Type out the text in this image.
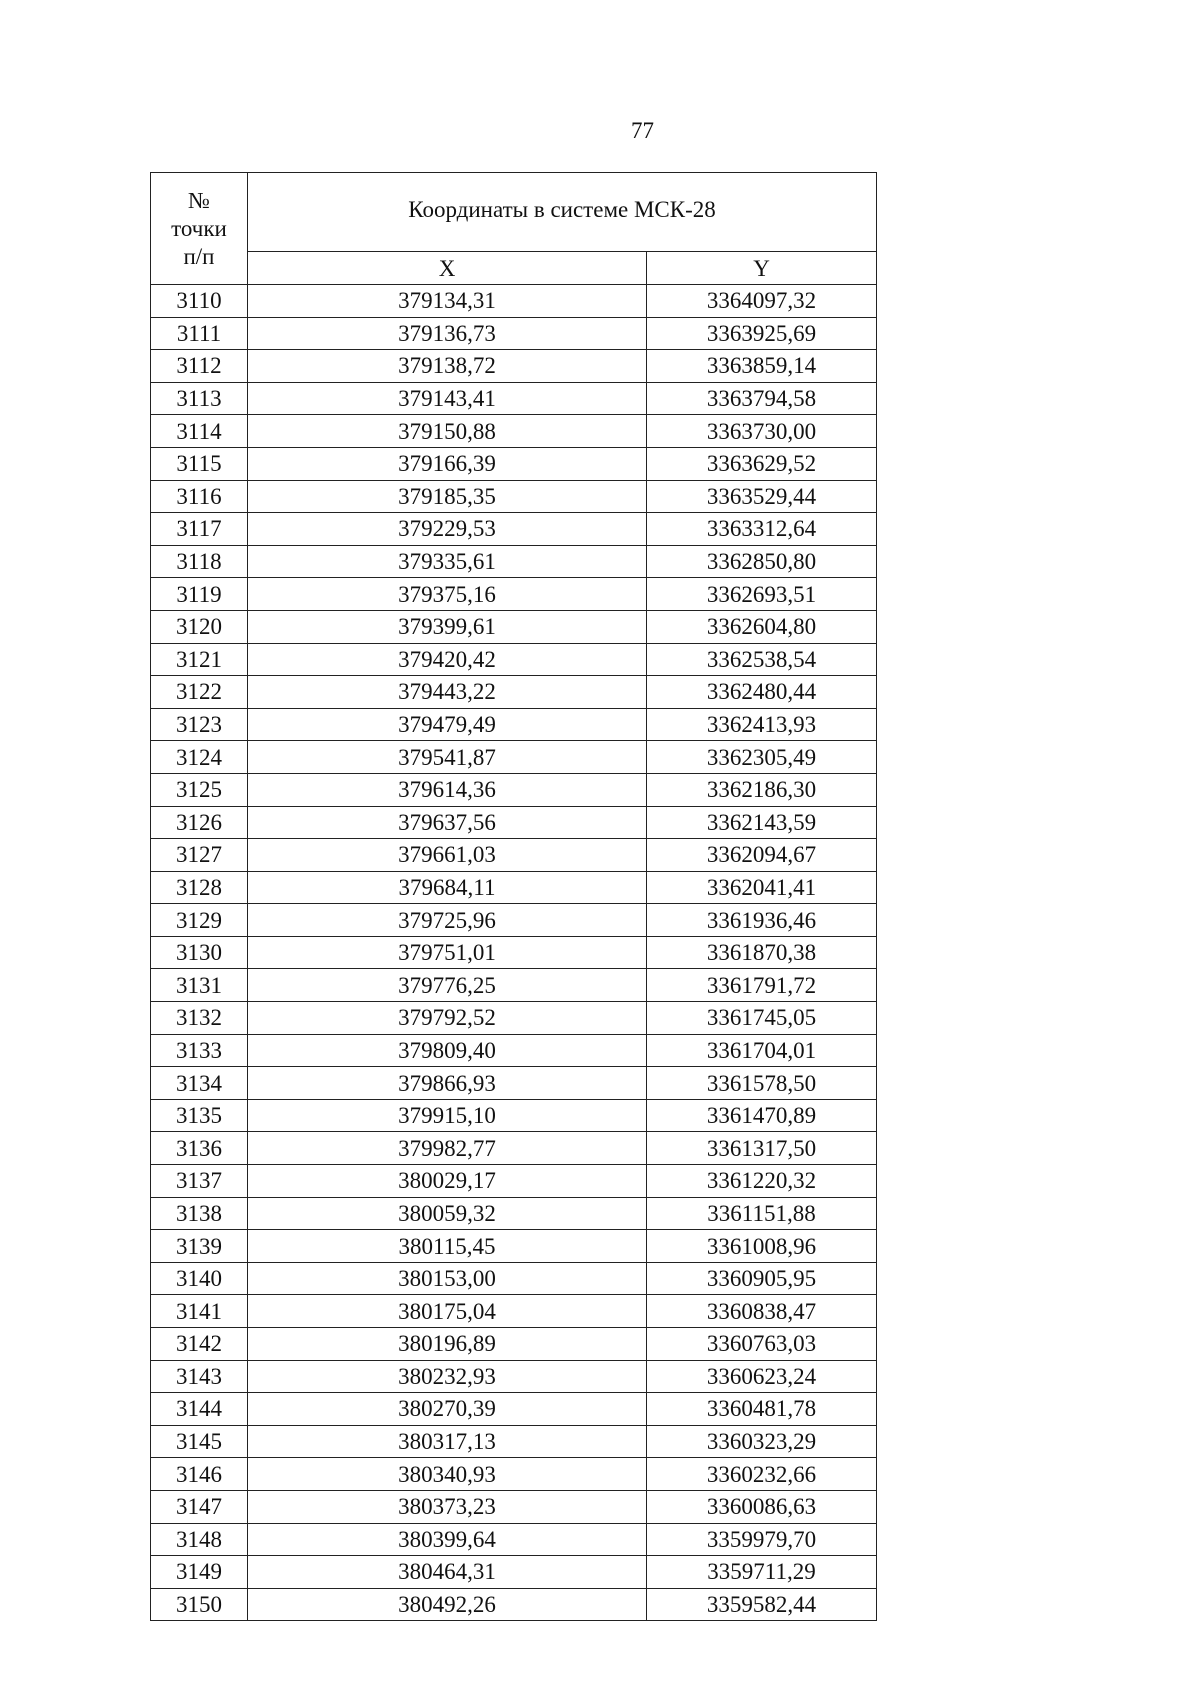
77
№
точки
п/п	Координаты в системе МСК-28	
	X	Y
3110	379134,31	3364097,32
3111	379136,73	3363925,69
3112	379138,72	3363859,14
3113	379143,41	3363794,58
3114	379150,88	3363730,00
3115	379166,39	3363629,52
3116	379185,35	3363529,44
3117	379229,53	3363312,64
3118	379335,61	3362850,80
3119	379375,16	3362693,51
3120	379399,61	3362604,80
3121	379420,42	3362538,54
3122	379443,22	3362480,44
3123	379479,49	3362413,93
3124	379541,87	3362305,49
3125	379614,36	3362186,30
3126	379637,56	3362143,59
3127	379661,03	3362094,67
3128	379684,11	3362041,41
3129	379725,96	3361936,46
3130	379751,01	3361870,38
3131	379776,25	3361791,72
3132	379792,52	3361745,05
3133	379809,40	3361704,01
3134	379866,93	3361578,50
3135	379915,10	3361470,89
3136	379982,77	3361317,50
3137	380029,17	3361220,32
3138	380059,32	3361151,88
3139	380115,45	3361008,96
3140	380153,00	3360905,95
3141	380175,04	3360838,47
3142	380196,89	3360763,03
3143	380232,93	3360623,24
3144	380270,39	3360481,78
3145	380317,13	3360323,29
3146	380340,93	3360232,66
3147	380373,23	3360086,63
3148	380399,64	3359979,70
3149	380464,31	3359711,29
3150	380492,26	3359582,44
